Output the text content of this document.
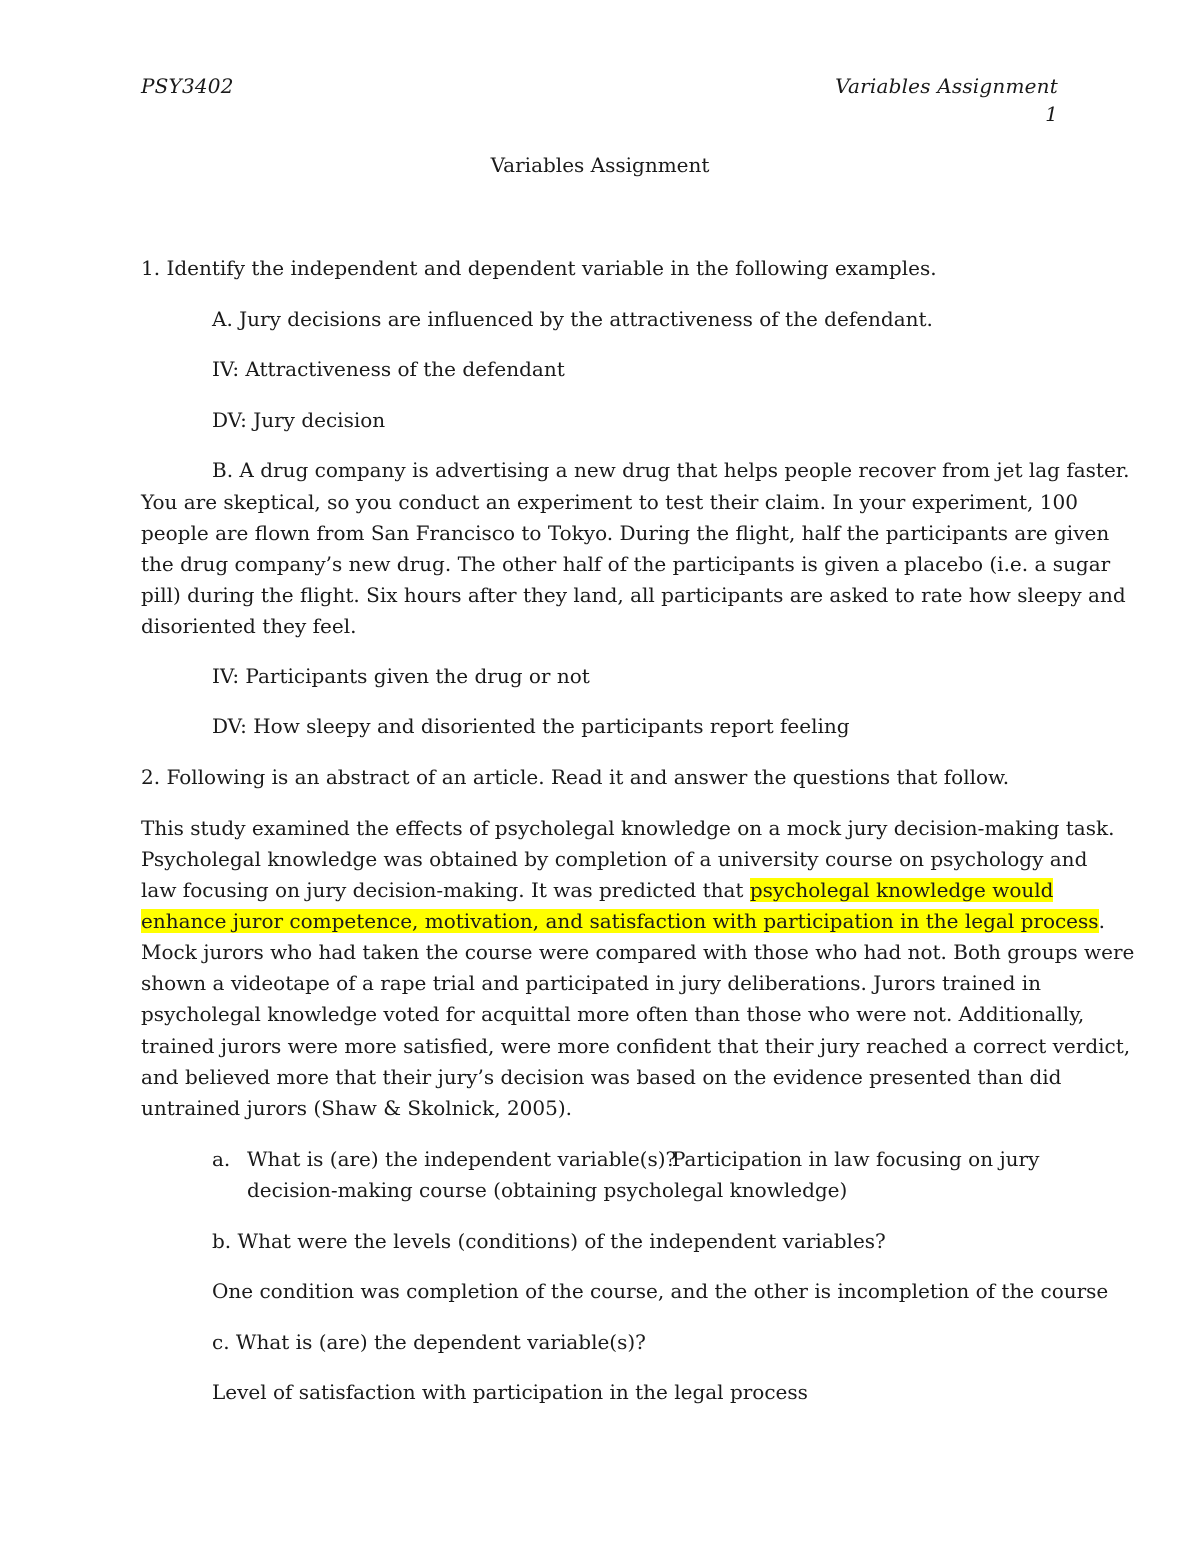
PSY3402	Variables Assignment
1
Variables Assignment
1. Identify the independent and dependent variable in the following examples.
A. Jury decisions are influenced by the attractiveness of the defendant.
IV: Attractiveness of the defendant
DV: Jury decision
B. A drug company is advertising a new drug that helps people recover from jet lag faster.
You are skeptical, so you conduct an experiment to test their claim. In your experiment, 100
people are flown from San Francisco to Tokyo. During the flight, half the participants are given
the drug company’s new drug. The other half of the participants is given a placebo (i.e. a sugar
pill) during the flight. Six hours after they land, all participants are asked to rate how sleepy and
disoriented they feel.
IV: Participants given the drug or not
DV: How sleepy and disoriented the participants report feeling
2. Following is an abstract of an article. Read it and answer the questions that follow.
This study examined the effects of psycholegal knowledge on a mock jury decision-making task.
Psycholegal knowledge was obtained by completion of a university course on psychology and
law focusing on jury decision-making. It was predicted that psycholegal knowledge would
enhance juror competence, motivation, and satisfaction with participation in the legal process.
Mock jurors who had taken the course were compared with those who had not. Both groups were
shown a videotape of a rape trial and participated in jury deliberations. Jurors trained in
psycholegal knowledge voted for acquittal more often than those who were not. Additionally,
trained jurors were more satisfied, were more confident that their jury reached a correct verdict,
and believed more that their jury’s decision was based on the evidence presented than did
untrained jurors (Shaw & Skolnick, 2005).
a. What is (are) the independent variable(s)?
Participation in law focusing on jury
decision-making course (obtaining psycholegal knowledge)
b. What were the levels (conditions) of the independent variables?
One condition was completion of the course, and the other is incompletion of the course
c. What is (are) the dependent variable(s)?
Level of satisfaction with participation in the legal process
